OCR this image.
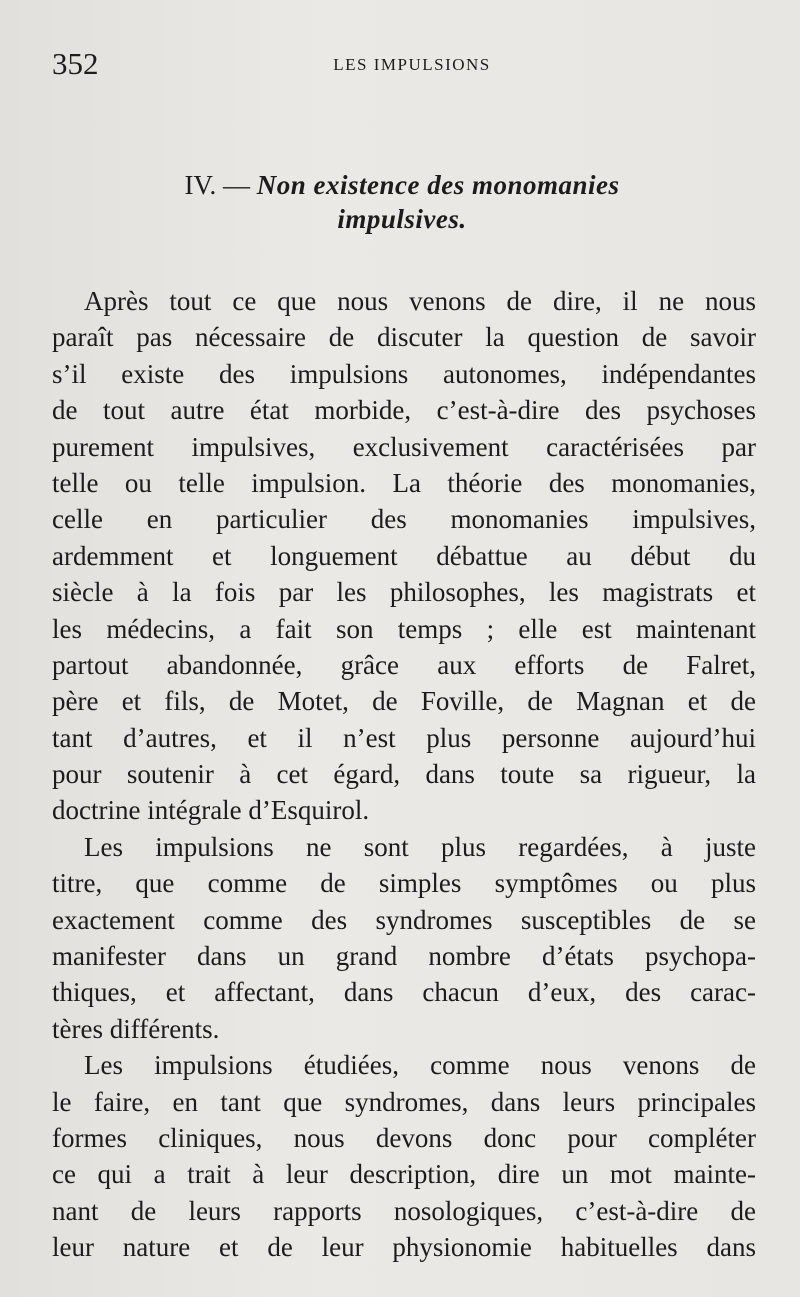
352	LES IMPULSIONS
IV. — Non existence des monomanies
impulsives.
Après tout ce que nous venons de dire, il ne nous
paraît pas nécessaire de discuter la question de savoir
s’il existe des impulsions autonomes, indépendantes
de tout autre état morbide, c’est-à-dire des psychoses
purement impulsives, exclusivement caractérisées par
telle ou telle impulsion. La théorie des monomanies,
celle en particulier des monomanies impulsives,
ardemment et longuement débattue au début du
siècle à la fois par les philosophes, les magistrats et
les médecins, a fait son temps ; elle est maintenant
partout abandonnée, grâce aux efforts de Falret,
père et fils, de Motet, de Foville, de Magnan et de
tant d’autres, et il n’est plus personne aujourd’hui
pour soutenir à cet égard, dans toute sa rigueur, la
doctrine intégrale d’Esquirol.
Les impulsions ne sont plus regardées, à juste
titre, que comme de simples symptômes ou plus
exactement comme des syndromes susceptibles de se
manifester dans un grand nombre d’états psychopa-
thiques, et affectant, dans chacun d’eux, des carac-
tères différents.
Les impulsions étudiées, comme nous venons de
le faire, en tant que syndromes, dans leurs principales
formes cliniques, nous devons donc pour compléter
ce qui a trait à leur description, dire un mot mainte-
nant de leurs rapports nosologiques, c’est-à-dire de
leur nature et de leur physionomie habituelles dans
